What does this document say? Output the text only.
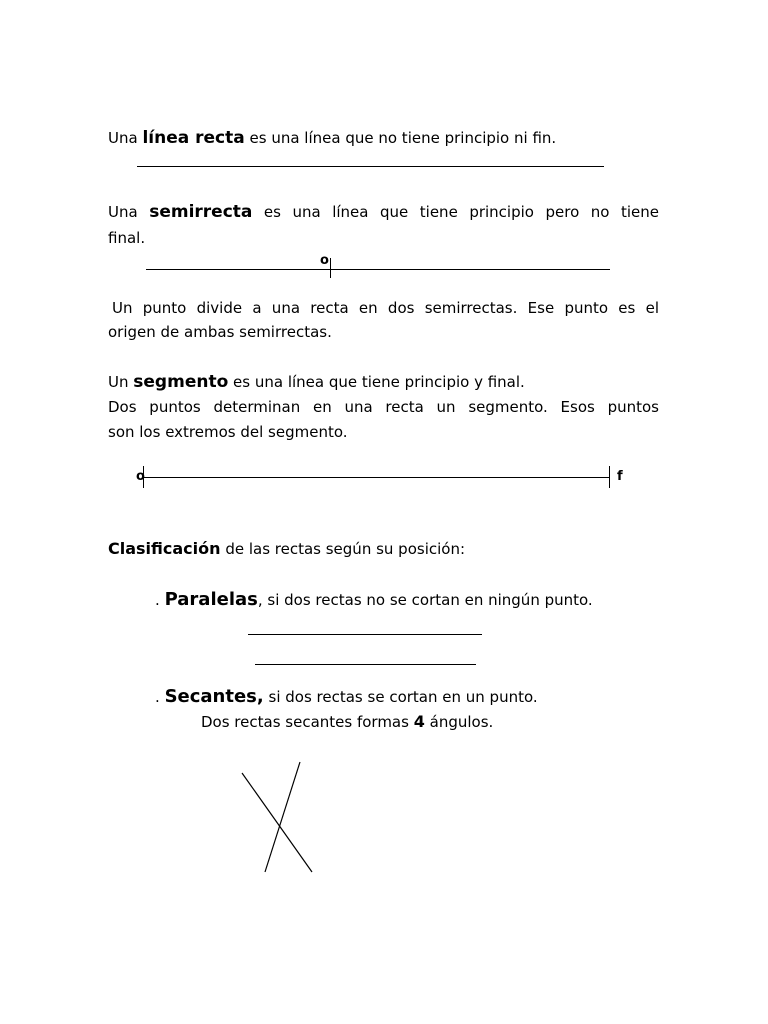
Una línea recta es una línea que no tiene principio ni fin.
Una semirrecta es una línea que tiene principio pero no tiene
final.
o
Un punto divide a una recta en dos semirrectas. Ese punto es el
origen de ambas semirrectas.
Un segmento es una línea que tiene principio y final.
Dos puntos determinan en una recta un segmento. Esos puntos
son los extremos del segmento.
o	f
Clasificación de las rectas según su posición:
. Paralelas, si dos rectas no se cortan en ningún punto.
. Secantes, si dos rectas se cortan en un punto.
Dos rectas secantes formas 4 ángulos.
